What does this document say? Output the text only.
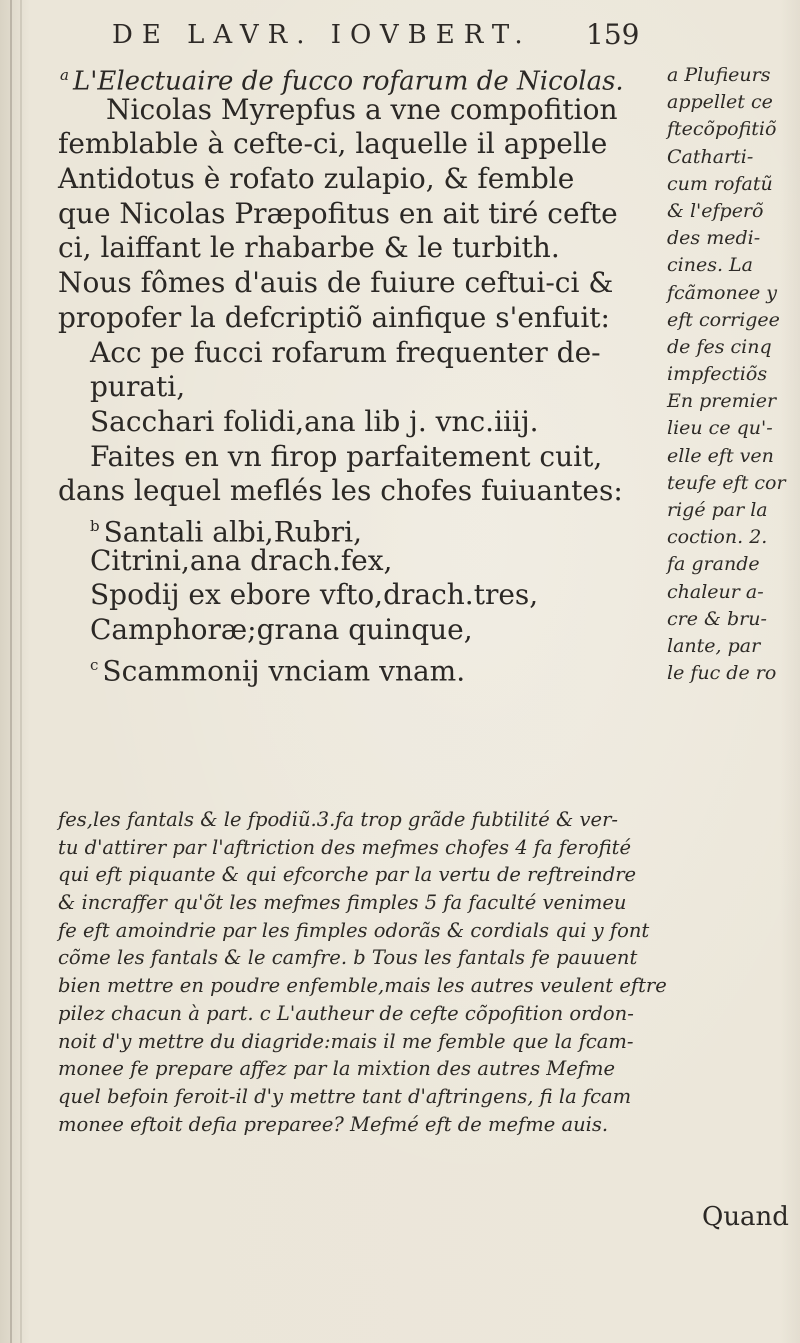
DE LAVR. IOVBERT. 159
$^a$ L'Electuaire de fucco rofarum de Nicolas.
Nicolas Myrepfus a vne compofition
femblable à cefte-ci, laquelle il appelle
Antidotus è rofato zulapio, & femble
que Nicolas Præpofitus en ait tiré cefte
ci, laiffant le rhabarbe & le turbith.
Nous fômes d'auis de fuiure ceftui-ci &
propofer la defcriptiõ ainfique s'enfuit:
Acc pe fucci rofarum frequenter de-
purati,
Sacchari folidi,ana lib j. vnc.iiij.
Faites en vn firop parfaitement cuit,
dans lequel meflés les chofes fuiuantes:
$^b$ Santali albi,Rubri,
Citrini,ana drach.fex,
Spodij ex ebore vfto,drach.tres,
Camphoræ;grana quinque,
$^c$ Scammonij vnciam vnam.
a Plufieurs
appellet ce
ftecõpofitiõ
Catharti-
cum rofatũ
& l'efperõ
des medi-
cines. La
fcãmonee y
eft corrigee
de fes cinq
impfectiõs
En premier
lieu ce qu'-
elle eft ven
teufe eft cor
rigé par la
coction. 2.
fa grande
chaleur a-
cre & bru-
lante, par
le fuc de ro
fes,les fantals & le fpodiũ.3.fa trop grãde fubtilité & ver-
tu d'attirer par l'aftriction des mefmes chofes 4 fa ferofité
qui eft piquante & qui efcorche par la vertu de reftreindre
& incraffer qu'õt les mefmes fimples 5 fa faculté venimeu
fe eft amoindrie par les fimples odorãs & cordials qui y font
cõme les fantals & le camfre. b Tous les fantals fe pauuent
bien mettre en poudre enfemble,mais les autres veulent eftre
pilez chacun à part. c L'autheur de cefte cõpofition ordon-
noit d'y mettre du diagride:mais il me femble que la fcam-
monee fe prepare affez par la mixtion des autres Mefme
quel befoin feroit-il d'y mettre tant d'aftringens, fi la fcam
monee eftoit defia preparee? Mefmé eft de mefme auis.
Quand
